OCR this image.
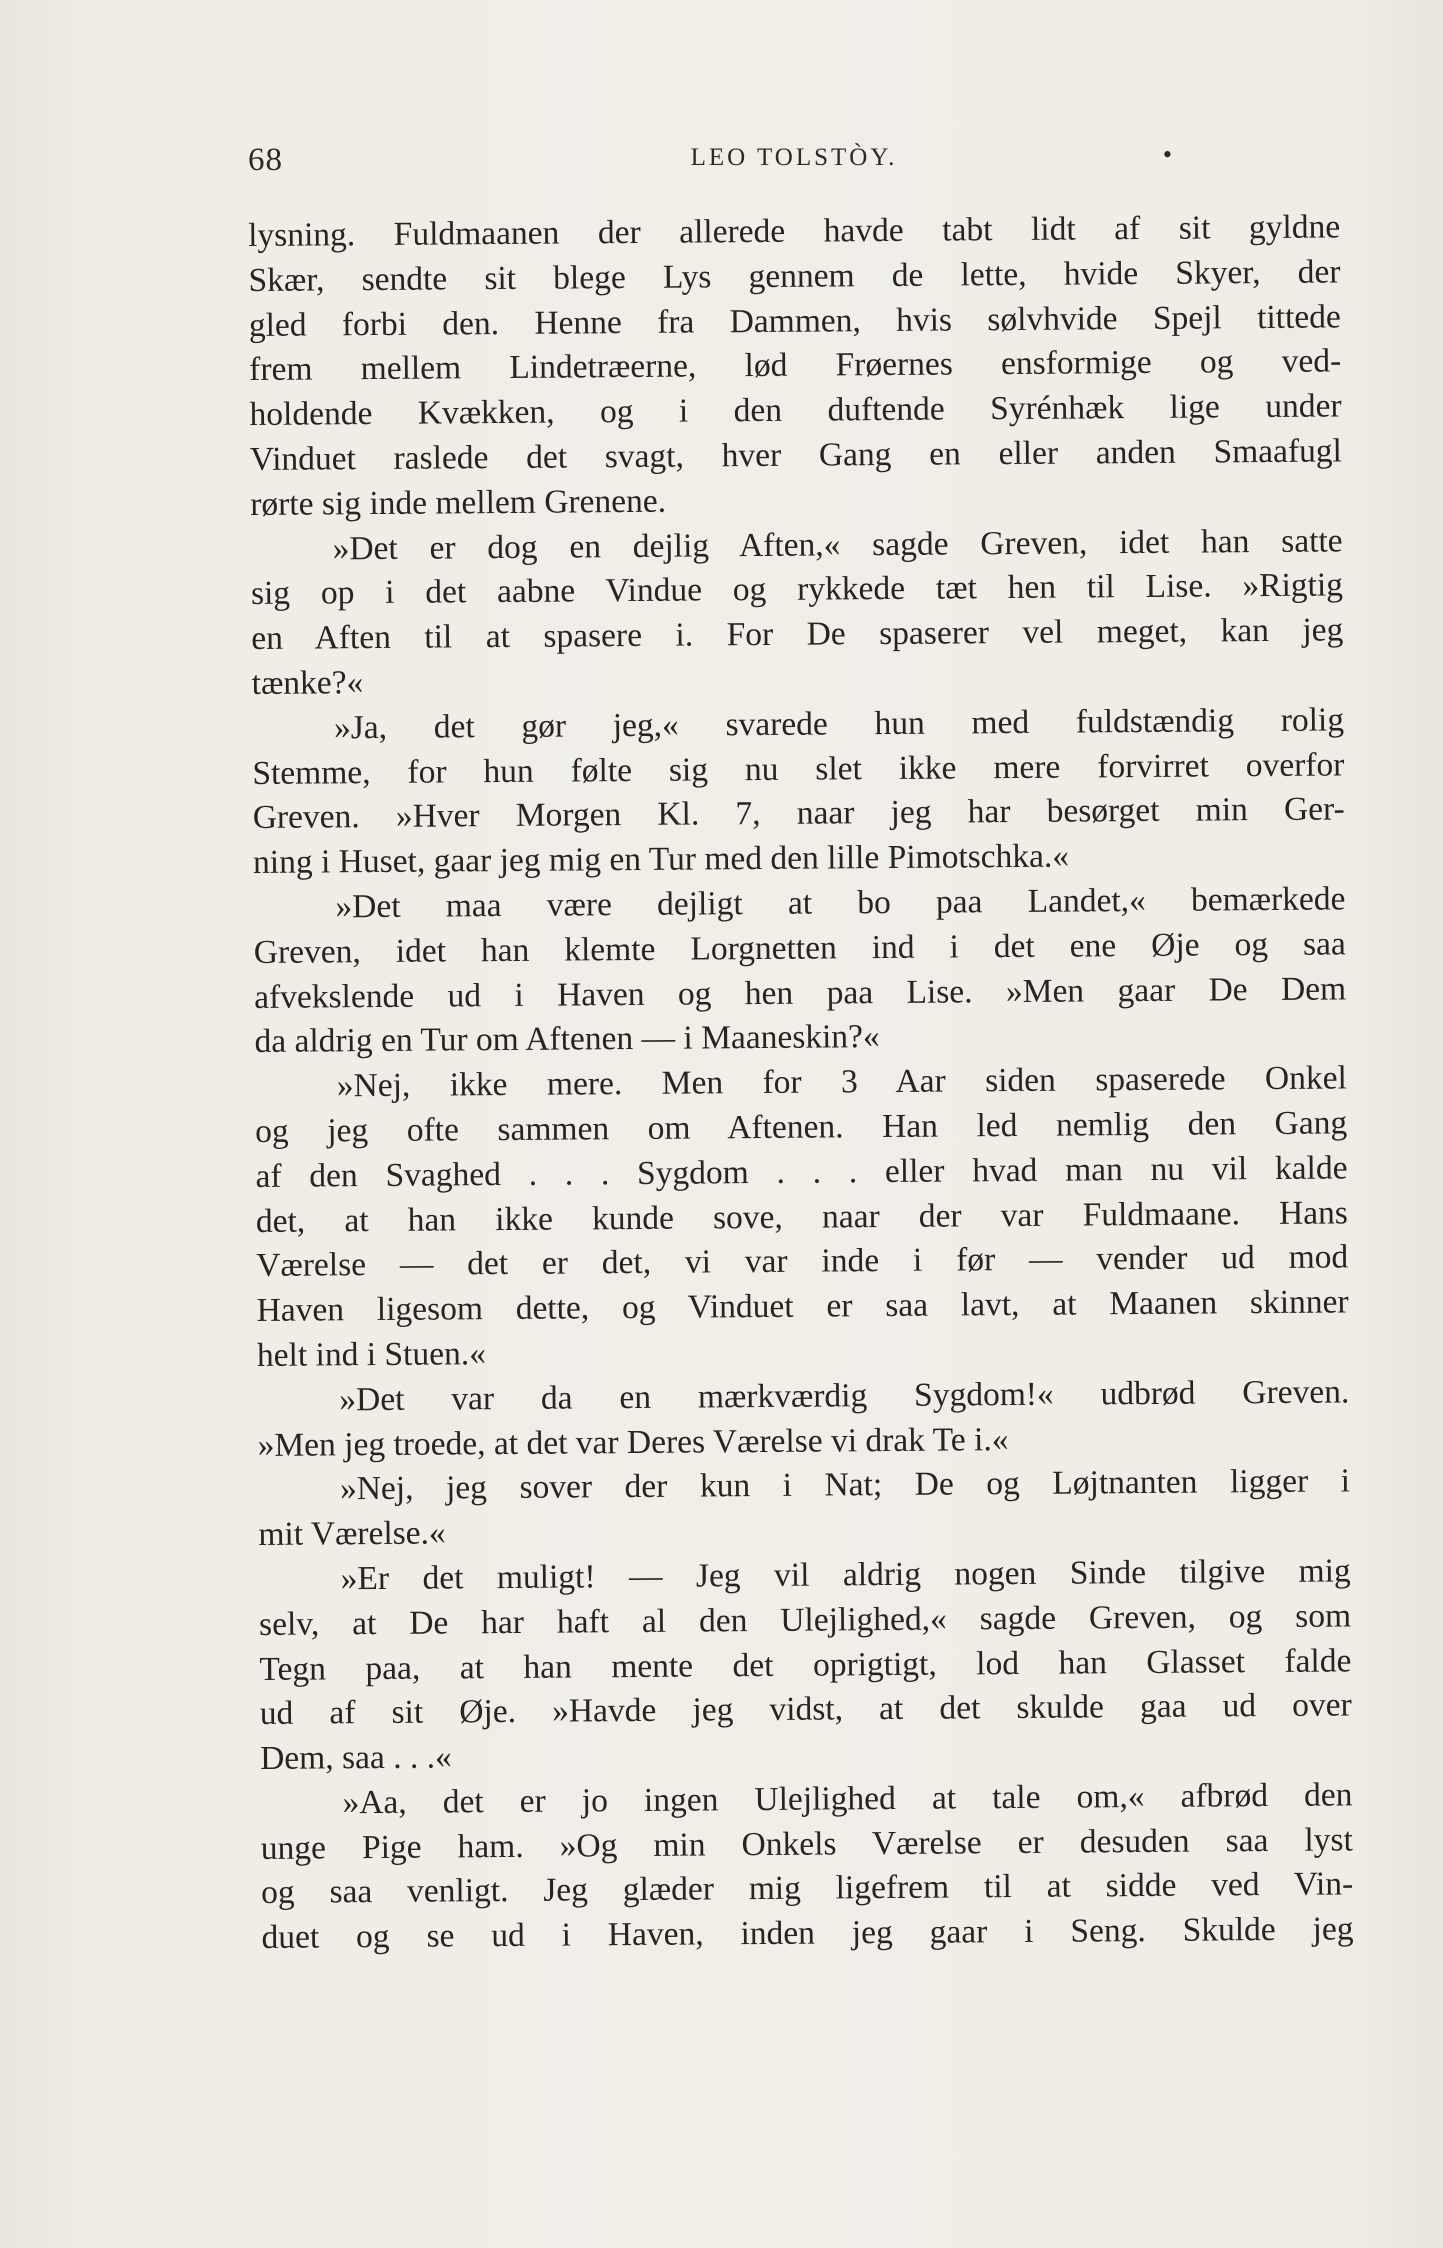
68	LEO TOLSTÒY.	•
lysning. Fuldmaanen der allerede havde tabt lidt af sit gyldne
Skær, sendte sit blege Lys gennem de lette, hvide Skyer, der
gled forbi den. Henne fra Dammen, hvis sølvhvide Spejl tittede
frem mellem Lindetræerne, lød Frøernes ensformige og ved-
holdende Kvækken, og i den duftende Syrénhæk lige under
Vinduet raslede det svagt, hver Gang en eller anden Smaafugl
rørte sig inde mellem Grenene.
»Det er dog en dejlig Aften,« sagde Greven, idet han satte
sig op i det aabne Vindue og rykkede tæt hen til Lise. »Rigtig
en Aften til at spasere i. For De spaserer vel meget, kan jeg
tænke?«
»Ja, det gør jeg,« svarede hun med fuldstændig rolig
Stemme, for hun følte sig nu slet ikke mere forvirret overfor
Greven. »Hver Morgen Kl. 7, naar jeg har besørget min Ger-
ning i Huset, gaar jeg mig en Tur med den lille Pimotschka.«
»Det maa være dejligt at bo paa Landet,« bemærkede
Greven, idet han klemte Lorgnetten ind i det ene Øje og saa
afvekslende ud i Haven og hen paa Lise. »Men gaar De Dem
da aldrig en Tur om Aftenen — i Maaneskin?«
»Nej, ikke mere. Men for 3 Aar siden spaserede Onkel
og jeg ofte sammen om Aftenen. Han led nemlig den Gang
af den Svaghed . . . Sygdom . . . eller hvad man nu vil kalde
det, at han ikke kunde sove, naar der var Fuldmaane. Hans
Værelse — det er det, vi var inde i før — vender ud mod
Haven ligesom dette, og Vinduet er saa lavt, at Maanen skinner
helt ind i Stuen.«
»Det var da en mærkværdig Sygdom!« udbrød Greven.
»Men jeg troede, at det var Deres Værelse vi drak Te i.«
»Nej, jeg sover der kun i Nat; De og Løjtnanten ligger i
mit Værelse.«
»Er det muligt! — Jeg vil aldrig nogen Sinde tilgive mig
selv, at De har haft al den Ulejlighed,« sagde Greven, og som
Tegn paa, at han mente det oprigtigt, lod han Glasset falde
ud af sit Øje. »Havde jeg vidst, at det skulde gaa ud over
Dem, saa . . .«
»Aa, det er jo ingen Ulejlighed at tale om,« afbrød den
unge Pige ham. »Og min Onkels Værelse er desuden saa lyst
og saa venligt. Jeg glæder mig ligefrem til at sidde ved Vin-
duet og se ud i Haven, inden jeg gaar i Seng. Skulde jeg
